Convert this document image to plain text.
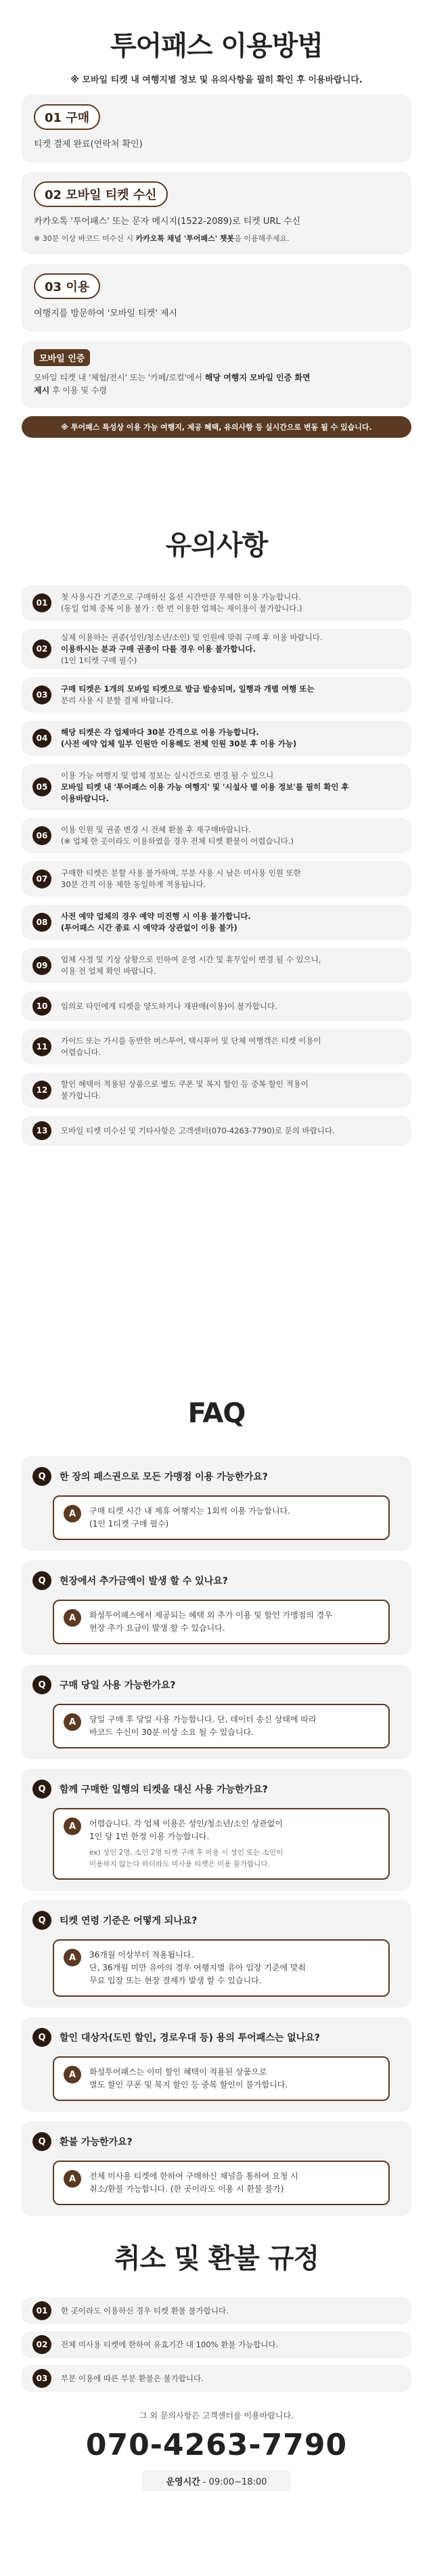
투어패스 이용방법

※ 모바일 티켓 내 여행지별 정보 및 유의사항을 필히 확인 후 이용바랍니다.

01 구매

티켓 결제 완료(연락처 확인)

02 모바일 티켓 수신

카카오톡 '투어패스' 또는 문자 메시지(1522-2089)로 티켓 URL 수신

※ 30분 이상 바코드 미수신 시 카카오톡 채널 '투어패스' 챗봇을 이용해주세요.

03 이용

여행지를 방문하여 '모바일 티켓' 제시

모바일 인증

모바일 티켓 내 '체험/전시' 또는 '카페/로컬'에서 해당 여행지 모바일 인증 화면
제시 후 이용 및 수령

※ 투어패스 특성상 이용 가능 여행지, 제공 혜택, 유의사항 등 실시간으로 변동 될 수 있습니다.
유의사항
01
첫 사용시간 기준으로 구매하신 옵션 시간만큼 무제한 이용 가능합니다.
(동일 업체 중복 이용 불가 : 한 번 이용한 업체는 재이용이 불가합니다.)
02
실제 이용하는 권종(성인/청소년/소인) 및 인원에 맞춰 구매 후 이용 바랍니다.
이용하시는 분과 구매 권종이 다를 경우 이용 불가합니다.
(1인 1티켓 구매 필수)
03
구매 티켓은 1개의 모바일 티켓으로 발급 발송되며, 일행과 개별 여행 또는
분리 사용 시 분할 결제 바랍니다.
04
해당 티켓은 각 업체마다 30분 간격으로 이용 가능합니다.
(사전 예약 업체 일부 인원만 이용해도 전체 인원 30분 후 이용 가능)
05
이용 가능 여행지 및 업체 정보는 실시간으로 변경 될 수 있으니
모바일 티켓 내 '투어패스 이용 가능 여행지' 및 '시설사 별 이용 정보'를 필히 확인 후
이용바랍니다.
06
이용 인원 및 권종 변경 시 전체 환불 후 재구매바랍니다.
(※ 업체 한 곳이라도 이용하였을 경우 전체 티켓 환불이 어렵습니다.)
07
구매한 티켓은 분할 사용 불가하며, 부분 사용 시 남은 미사용 인원 또한
30분 간격 이용 제한 동일하게 적용됩니다.
08
사전 예약 업체의 경우 예약 미진행 시 이용 불가합니다.
(투어패스 시간 종료 시 예약과 상관없이 이용 불가)
09
업체 사정 및 기상 상황으로 인하여 운영 시간 및 휴무일이 변경 될 수 있으니,
이용 전 업체 확인 바랍니다.
10	임의로 타인에게 티켓을 양도하거나 재판매(이용)이 불가합니다.
11
가이드 또는 가시를 동반한 버스투어, 택시투어 및 단체 여행객은 티켓 이용이
어렵습니다.
12
할인 혜택이 적용된 상품으로 별도 쿠폰 및 복지 할인 등 중복 할인 적용이
불가합니다.
13	모바일 티켓 미수신 및 기타사항은 고객센터(070-4263-7790)로 문의 바랍니다.
FAQ
Q	한 장의 패스권으로 모든 가맹점 이용 가능한가요?
A	구매 티켓 시간 내 제휴 여행지는 1회씩 이용 가능합니다.
(1인 1티켓 구매 필수)
Q	현장에서 추가금액이 발생 할 수 있나요?
A	화성투어패스에서 제공되는 혜택 외 추가 이용 및 할인 가맹점의 경우
현장 추가 요금이 발생 할 수 있습니다.
Q	구매 당일 사용 가능한가요?
A	당일 구매 후 당일 사용 가능합니다. 단, 데이터 송신 상태에 따라
바코드 수신이 30분 이상 소요 될 수 있습니다.
Q	함께 구매한 일행의 티켓을 대신 사용 가능한가요?
A	어렵습니다. 각 업체 이용은 성인/청소년/소인 상관없이
1인 당 1번 한정 이용 가능합니다.
ex) 성인 2명, 소인 2명 티켓 구매 후 이용 시 성인 또는 소인이
이용하지 않는다 하더라도 미사용 티켓은 이용 불가합니다.
Q	티켓 연령 기준은 어떻게 되나요?
A	36개월 이상부터 적용됩니다.
단, 36개월 미만 유아의 경우 여행지별 유아 입장 기준에 맞춰
무료 입장 또는 현장 결제가 발생 할 수 있습니다.
Q	할인 대상자(도민 할인, 경로우대 등) 용의 투어패스는 없나요?
A	화성투어패스는 이미 할인 혜택이 적용된 상품으로
별도 할인 쿠폰 및 복지 할인 등 중복 할인이 불가합니다.
Q	환불 가능한가요?
A	전체 미사용 티켓에 한하여 구매하신 채널을 통하여 요청 시
취소/환불 가능합니다. (한 곳이라도 이용 시 환불 불가)
취소 및 환불 규정
01	한 곳이라도 이용하신 경우 티켓 환불 불가합니다.
02	전체 미사용 티켓에 한하여 유효기간 내 100% 환불 가능합니다.
03	부분 이용에 따른 부분 환불은 불가합니다.

그 외 문의사항은 고객센터를 이용바랍니다.

070-4263-7790
운영시간 - 09:00~18:00
